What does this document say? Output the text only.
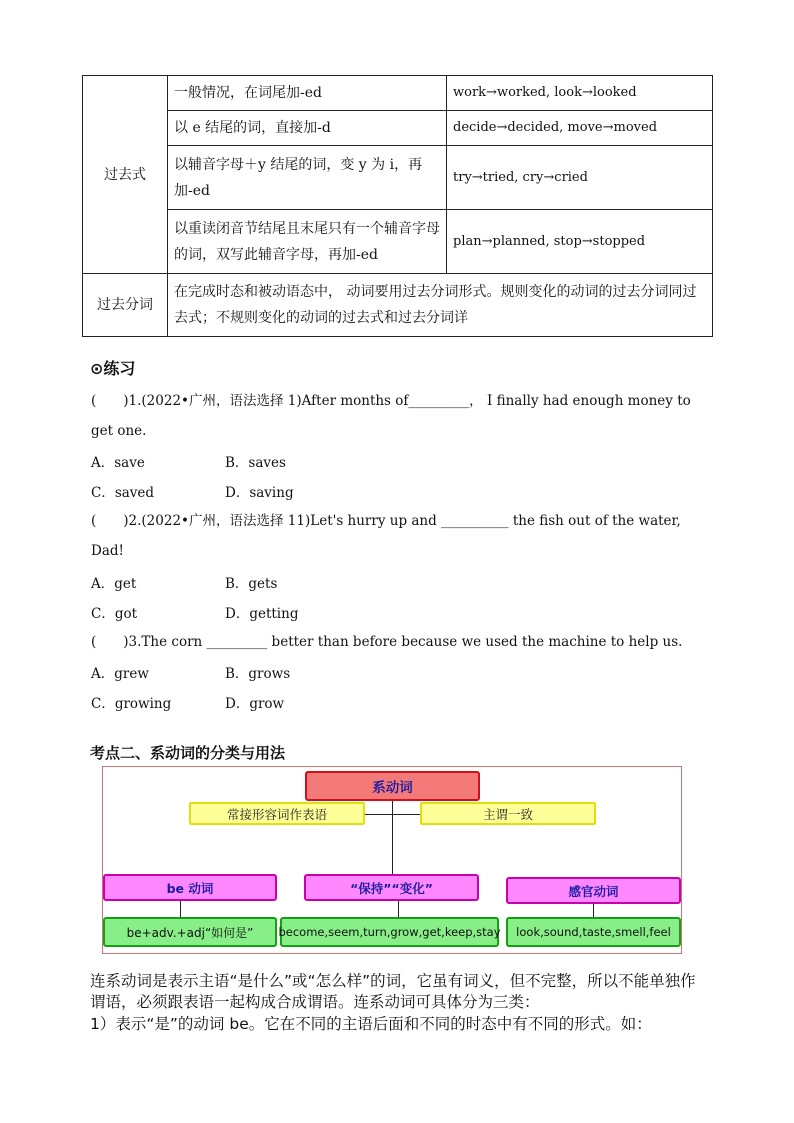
过去式	一般情况，在词尾加-ed	work→worked, look→looked
	以 e 结尾的词，直接加-d	decide→decided, move→moved
	以辅音字母＋y 结尾的词，变 y 为 i，再加-ed	try→tried, cry→cried
	以重读闭音节结尾且末尾只有一个辅音字母的词，双写此辅音字母，再加-ed	plan→planned, stop→stopped
过去分词	在完成时态和被动语态中， 动词要用过去分词形式。规则变化的动词的过去分词同过去式；不规则变化的动词的过去式和过去分词详	
⊙练习
(　　)1.(2022•广州，语法选择 1)After months of_________， I finally had enough money to
get one.
A．save	B．saves
C．saved	D．saving
(　　)2.(2022•广州，语法选择 11)Let's hurry up and __________ the fish out of the water,
Dad!
A．get	B．gets
C．got	D．getting
(　　)3.The corn _________ better than before because we used the machine to help us.
A．grew	B．grows
C．growing	D．grow
考点二、系动词的分类与用法
系动词
常接形容词作表语	主谓一致
be 动词	“保持”“变化”	感官动词
be+adv.+adj“如何是”	become,seem,turn,grow,get,keep,stay	look,sound,taste,smell,feel
连系动词是表示主语“是什么”或“怎么样”的词，它虽有词义，但不完整，所以不能单独作谓语，必须跟表语一起构成合成谓语。连系动词可具体分为三类：
1）表示“是”的动词 be。它在不同的主语后面和不同的时态中有不同的形式。如：
